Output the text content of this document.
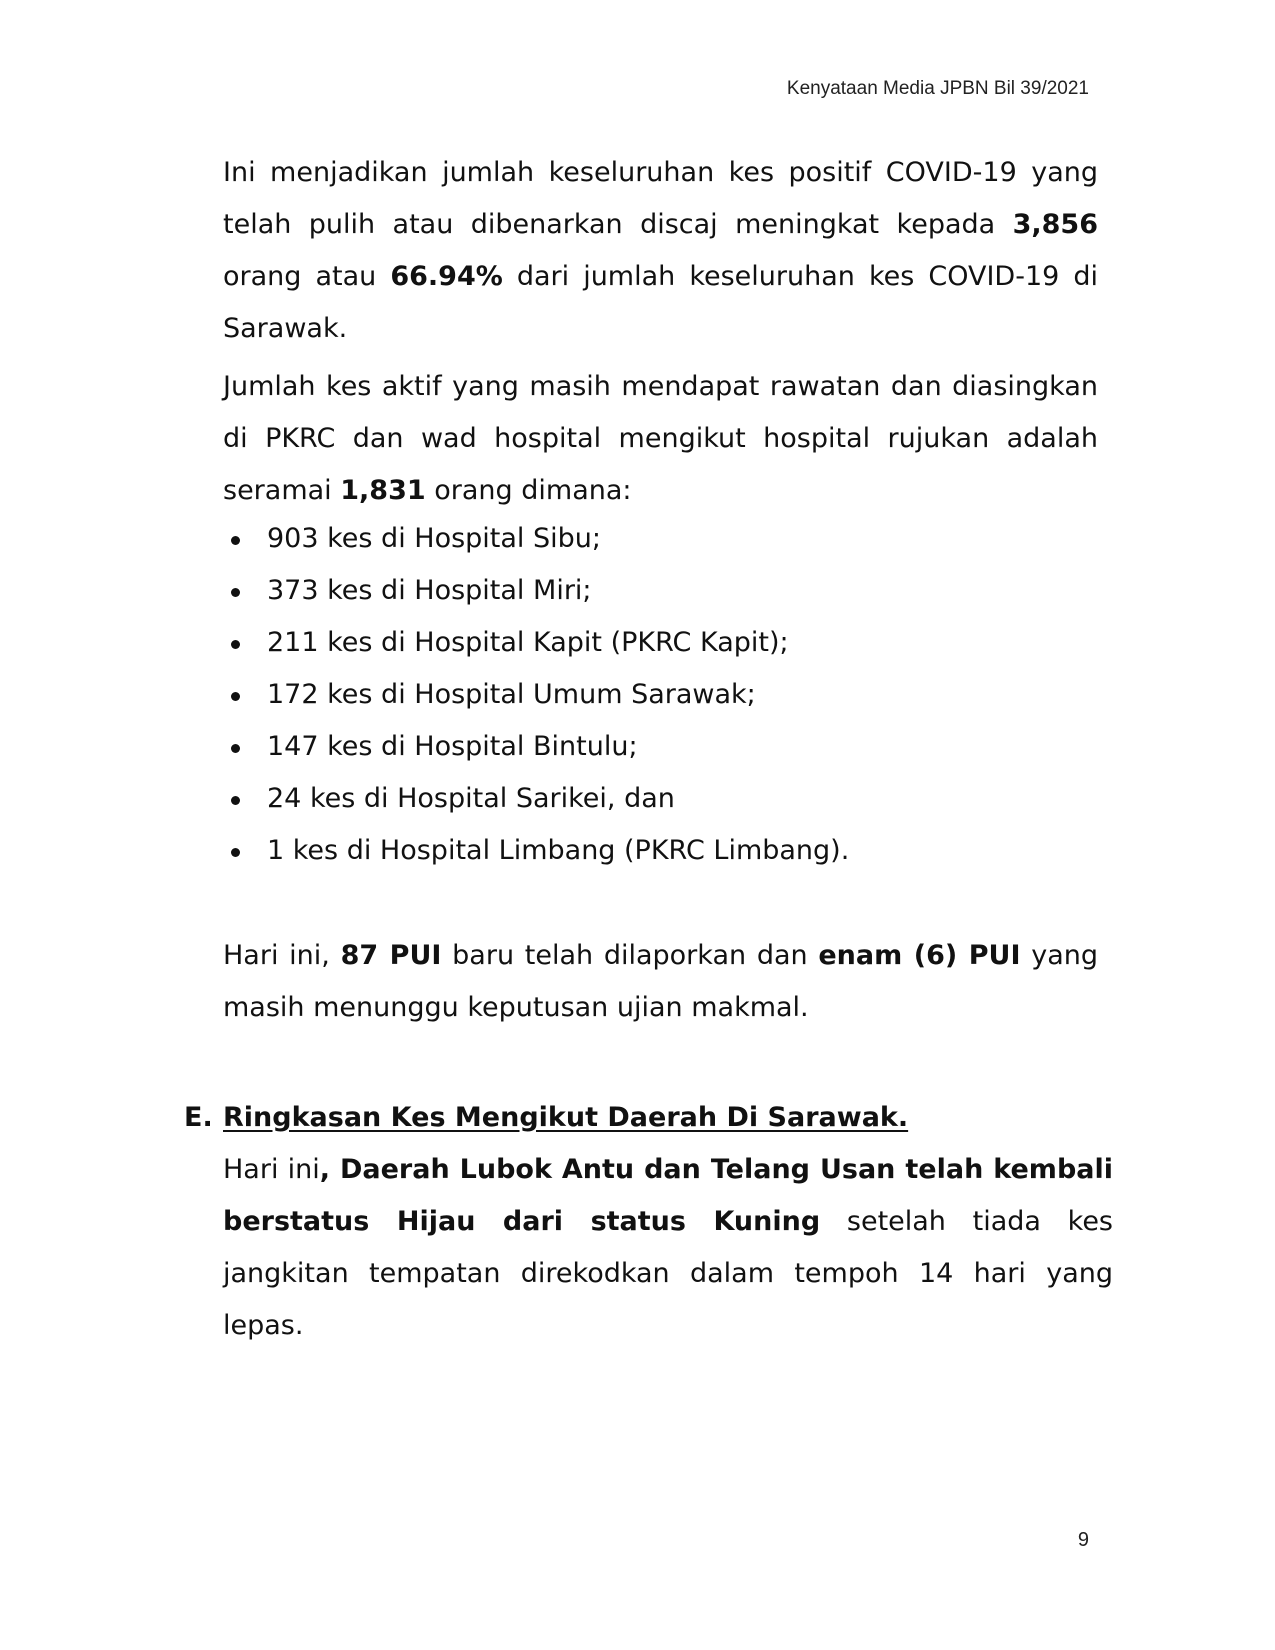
Kenyataan Media JPBN Bil 39/2021

Ini menjadikan jumlah keseluruhan kes positif COVID-19 yang telah pulih atau dibenarkan discaj meningkat kepada 3,856 orang atau 66.94% dari jumlah keseluruhan kes COVID-19 di Sarawak.

Jumlah kes aktif yang masih mendapat rawatan dan diasingkan di PKRC dan wad hospital mengikut hospital rujukan adalah seramai 1,831 orang dimana:

903 kes di Hospital Sibu;
373 kes di Hospital Miri;
211 kes di Hospital Kapit (PKRC Kapit);
172 kes di Hospital Umum Sarawak;
147 kes di Hospital Bintulu;
24 kes di Hospital Sarikei, dan
1 kes di Hospital Limbang (PKRC Limbang).

Hari ini, 87 PUI baru telah dilaporkan dan enam (6) PUI yang masih menunggu keputusan ujian makmal.

E. Ringkasan Kes Mengikut Daerah Di Sarawak.

Hari ini, Daerah Lubok Antu dan Telang Usan telah kembali berstatus Hijau dari status Kuning setelah tiada kes jangkitan tempatan direkodkan dalam tempoh 14 hari yang lepas.

9
